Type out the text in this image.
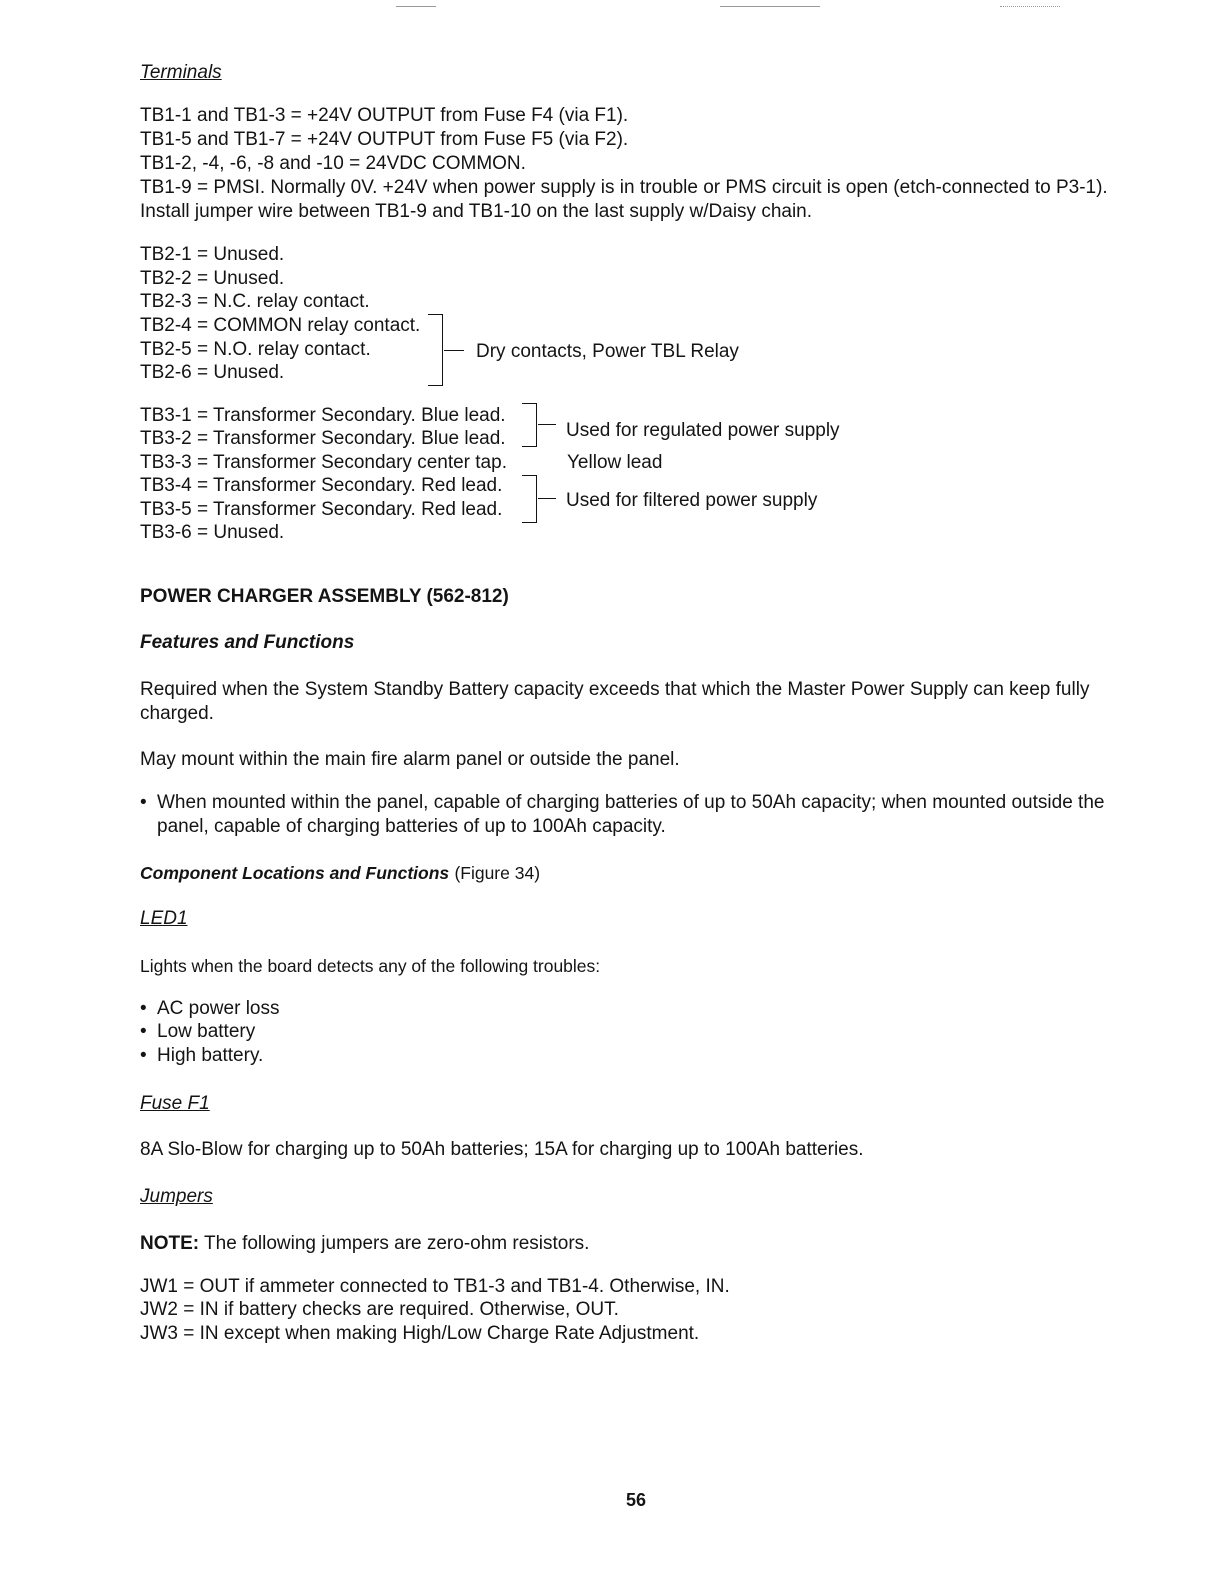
Terminals
TB1-1 and TB1-3 = +24V OUTPUT from Fuse F4 (via F1).
TB1-5 and TB1-7 = +24V OUTPUT from Fuse F5 (via F2).
TB1-2, -4, -6, -8 and -10 = 24VDC COMMON.
TB1-9 = PMSI. Normally 0V. +24V when power supply is in trouble or PMS circuit is open (etch-connected to P3-1).
Install jumper wire between TB1-9 and TB1-10 on the last supply w/Daisy chain.
TB2-1 = Unused.
TB2-2 = Unused.
TB2-3 = N.C. relay contact.
TB2-4 = COMMON relay contact.
TB2-5 = N.O. relay contact.
TB2-6 = Unused.
Dry contacts, Power TBL Relay
TB3-1 = Transformer Secondary. Blue lead.
TB3-2 = Transformer Secondary. Blue lead.
TB3-3 = Transformer Secondary center tap.
TB3-4 = Transformer Secondary. Red lead.
TB3-5 = Transformer Secondary. Red lead.
TB3-6 = Unused.
Used for regulated power supply
Yellow lead
Used for filtered power supply
POWER CHARGER ASSEMBLY (562-812)
Features and Functions
Required when the System Standby Battery capacity exceeds that which the Master Power Supply can keep fully
charged.
May mount within the main fire alarm panel or outside the panel.
• When mounted within the panel, capable of charging batteries of up to 50Ah capacity; when mounted outside the
panel, capable of charging batteries of up to 100Ah capacity.
Component Locations and Functions (Figure 34)
LED1
Lights when the board detects any of the following troubles:
• AC power loss
• Low battery
• High battery.
Fuse F1
8A Slo-Blow for charging up to 50Ah batteries; 15A for charging up to 100Ah batteries.
Jumpers
NOTE: The following jumpers are zero-ohm resistors.
JW1 = OUT if ammeter connected to TB1-3 and TB1-4. Otherwise, IN.
JW2 = IN if battery checks are required. Otherwise, OUT.
JW3 = IN except when making High/Low Charge Rate Adjustment.
56
